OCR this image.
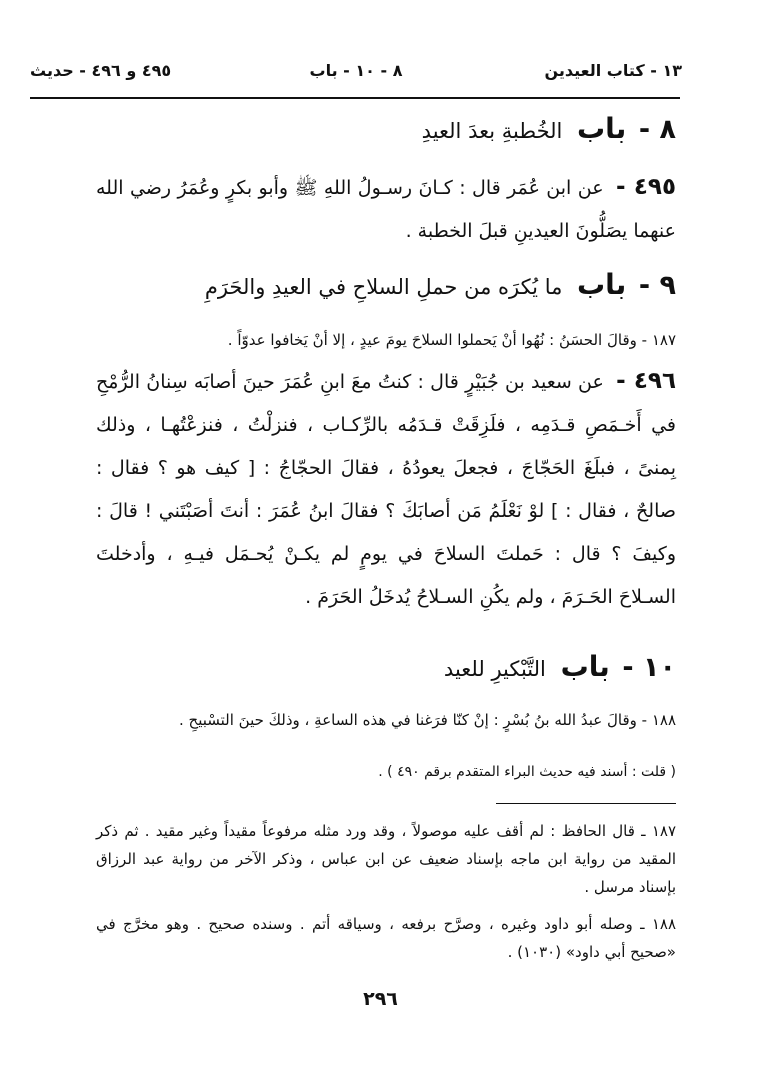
١٣ - كتاب العيدين
٨ - ١٠ - باب
٤٩٥ و ٤٩٦ - حديث
٨ - باب الخُطبةِ بعدَ العيدِ
٤٩٥ - عن ابن عُمَر قال : كـانَ رسـولُ اللهِ ﷺ وأبو بكرٍ وعُمَرُ رضي الله عنهما يصَلُّونَ العيدينِ قبلَ الخطبة .
٩ - باب ما يُكرَه من حملِ السلاحِ في العيدِ والحَرَمِ
١٨٧ - وقالَ الحسَنُ : نُهُوا أنْ يَحملوا السلاحَ يومَ عيدٍ ، إلا أنْ يَخافوا عدوّاً .
٤٩٦ - عن سعيد بن جُبَيْرٍ قال : كنتُ معَ ابنِ عُمَرَ حينَ أصابَه سِنانُ الرُّمْحِ في أَخـمَصِ قـدَمِه ، فلَزِقَتْ قـدَمُه بالرِّكـاب ، فنزلْتُ ، فنزعْتُهـا ، وذلك بِمنىً ، فبلَغَ الحَجّاجَ ، فجعلَ يعودُهُ ، فقالَ الحجّاجُ : [ كيف هو ؟ فقال : صالحٌ ، فقال : ] لوْ نَعْلَمُ مَن أصابَكَ ؟ فقالَ ابنُ عُمَرَ : أنتَ أصَبْتَني ! قالَ : وكيفَ ؟ قال : حَملتَ السلاحَ في يومٍ لم يكـنْ يُحـمَل فيـهِ ، وأدخلتَ السـلاحَ الحَـرَمَ ، ولم يكُنِ السـلاحُ يُدخَلُ الحَرَمَ .
١٠ - باب التَّبْكيرِ للعيد
١٨٨ - وقالَ عبدُ الله بنُ بُسْرٍ : إنْ كنّا فرَغنا في هذه الساعةِ ، وذلكَ حينَ التسْبيحِ .
( قلت : أسند فيه حديث البراء المتقدم برقم ٤٩٠ ) .
١٨٧ ـ قال الحافظ : لم أقف عليه موصولاً ، وقد ورد مثله مرفوعاً مقيداً وغير مقيد . ثم ذكر المقيد من رواية ابن ماجه بإسناد ضعيف عن ابن عباس ، وذكر الآخر من رواية عبد الرزاق بإسناد مرسل .
١٨٨ ـ وصله أبو داود وغيره ، وصرَّح برفعه ، وسياقه أتم . وسنده صحيح . وهو مخرَّج في «صحيح أبي داود» (١٠٣٠) .
٢٩٦
